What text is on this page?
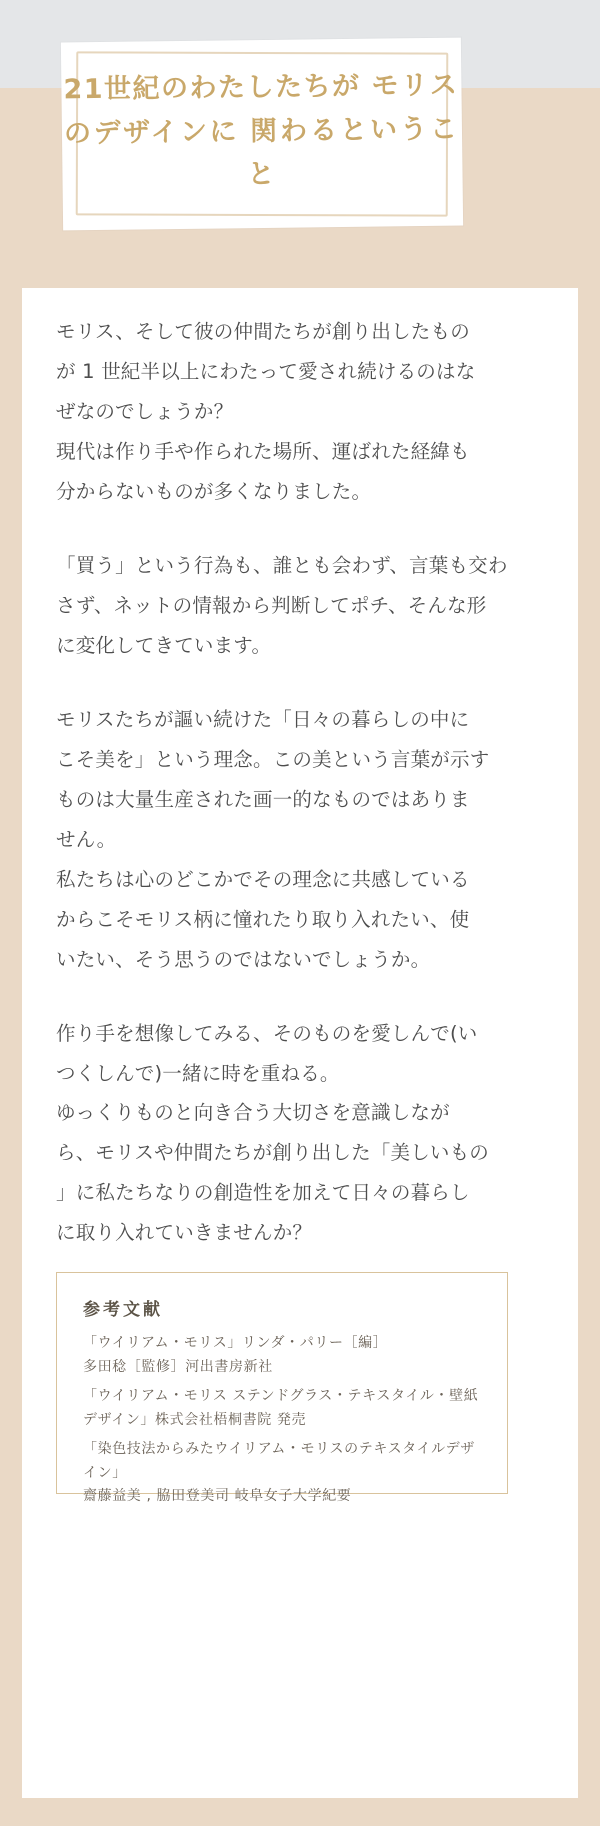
21世紀のわたしたちが モリスのデザインに 関わるということ

モリス、そして彼の仲間たちが創り出したもの
が 1 世紀半以上にわたって愛され続けるのはな
ぜなのでしょうか？
現代は作り手や作られた場所、運ばれた経緯も
分からないものが多くなりました。

「買う」という行為も、誰とも会わず、言葉も交わ
さず、ネットの情報から判断してポチ、そんな形
に変化してきています。

モリスたちが謳い続けた「日々の暮らしの中に
こそ美を」という理念。この美という言葉が示す
ものは大量生産された画一的なものではありま
せん。
私たちは心のどこかでその理念に共感している
からこそモリス柄に憧れたり取り入れたい、使
いたい、そう思うのではないでしょうか。

作り手を想像してみる、そのものを愛しんで(い
つくしんで)一緒に時を重ねる。
ゆっくりものと向き合う大切さを意識しなが
ら、モリスや仲間たちが創り出した「美しいもの
」に私たちなりの創造性を加えて日々の暮らし
に取り入れていきませんか？

参考文献
「ウイリアム・モリス」リンダ・パリー［編］
多田稔［監修］河出書房新社
「ウイリアム・モリス ステンドグラス・テキスタイル・壁紙
デザイン」株式会社梧桐書院 発売
「染色技法からみたウイリアム・モリスのテキスタイルデザイン」
齋藤益美 , 脇田登美司 岐阜女子大学紀要
